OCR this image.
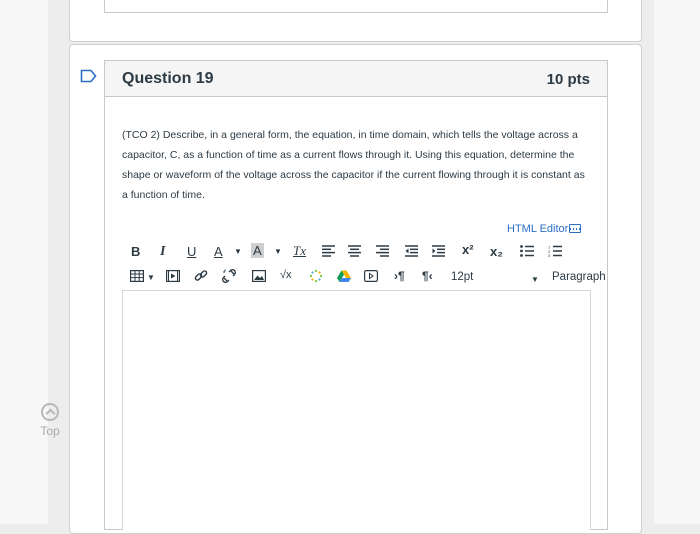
Question 19	10 pts
(TCO 2) Describe, in a general form, the equation, in time domain, which tells the voltage across a capacitor, C, as a function of time as a current flows through it. Using this equation, determine the shape or waveform of the voltage across the capacitor if the current flowing through it is constant as a function of time.
HTML Editor
B I U A ▼ A ▼ Tx	x² x₂	1
2
3
▼	√x	›¶ ¶‹ 12pt	▼ Paragraph
Top
